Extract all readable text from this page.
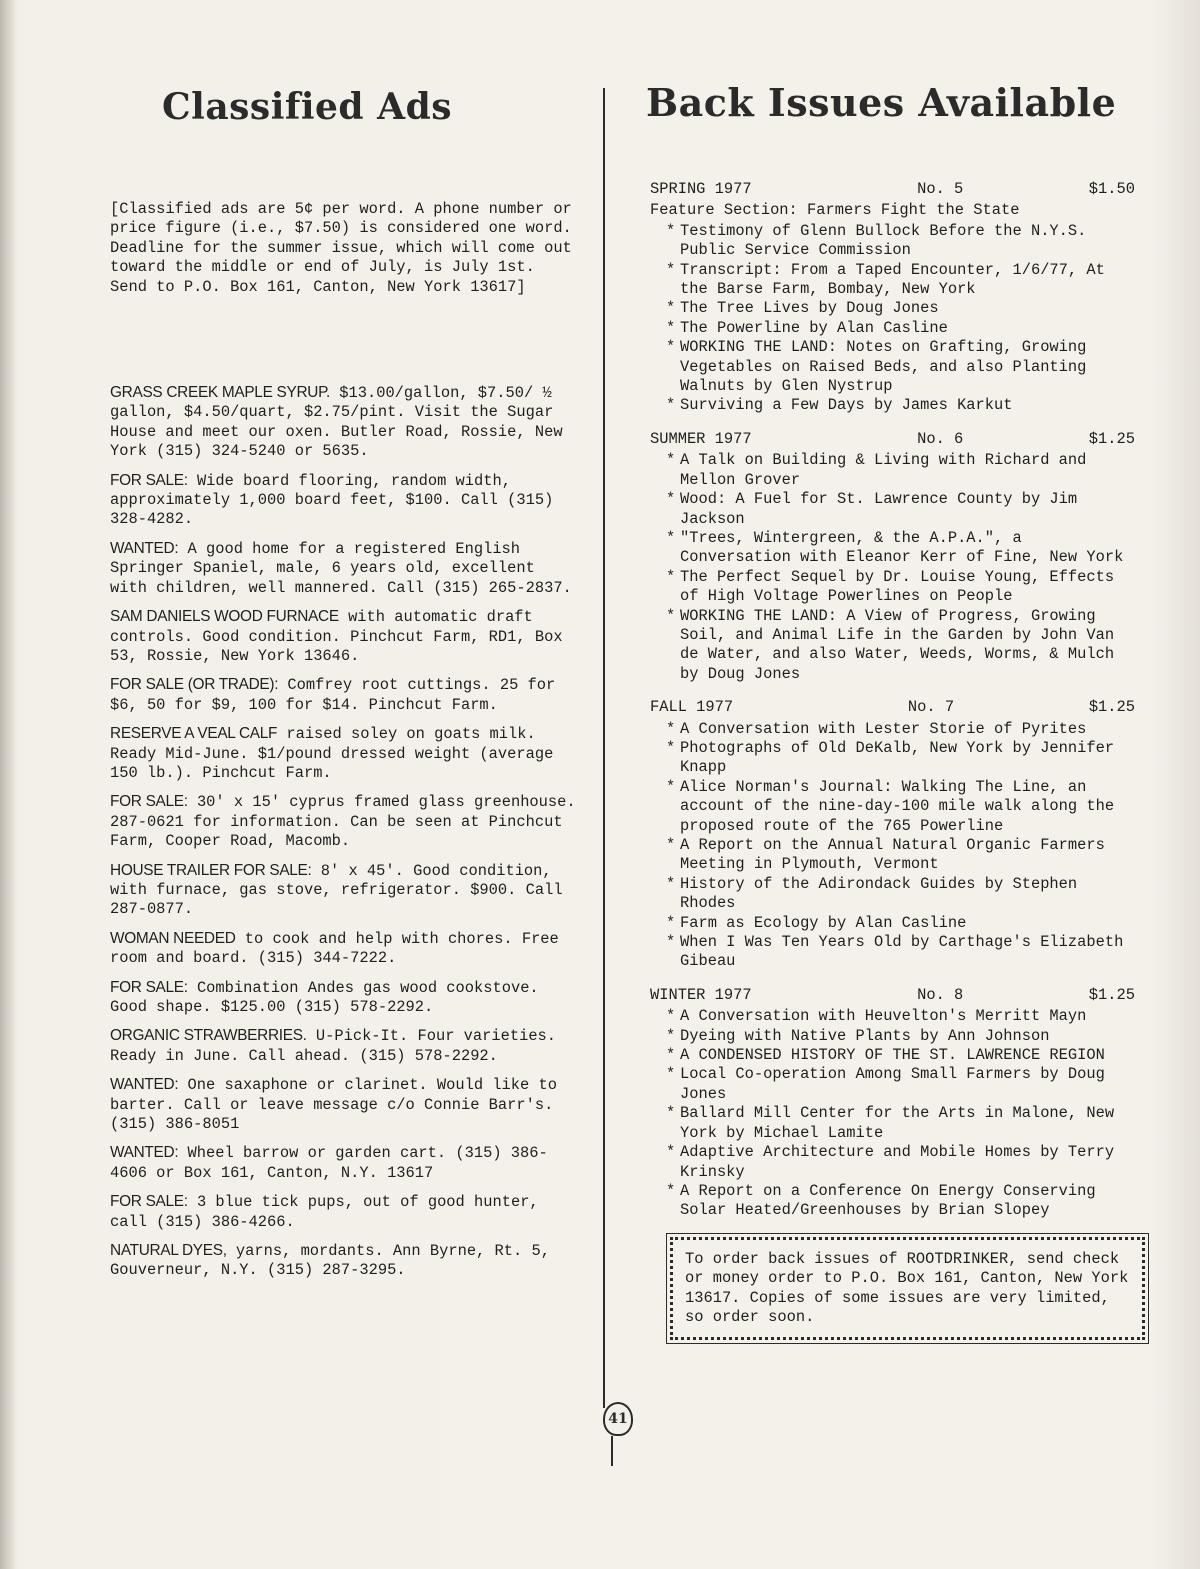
Classified Ads	Back Issues Available
41

[Classified ads are 5¢ per word. A phone number or price figure (i.e., $7.50) is considered one word. Deadline for the summer issue, which will come out toward the middle or end of July, is July 1st. Send to P.O. Box 161, Canton, New York 13617]

GRASS CREEK MAPLE SYRUP. $13.00/gallon, $7.50/ ½ gallon, $4.50/quart, $2.75/pint. Visit the Sugar House and meet our oxen. Butler Road, Rossie, New York (315) 324-5240 or 5635.

FOR SALE: Wide board flooring, random width, approximately 1,000 board feet, $100. Call (315) 328-4282.

WANTED: A good home for a registered English Springer Spaniel, male, 6 years old, excellent with children, well mannered. Call (315) 265-2837.

SAM DANIELS WOOD FURNACE with automatic draft controls. Good condition. Pinchcut Farm, RD1, Box 53, Rossie, New York 13646.

FOR SALE (OR TRADE): Comfrey root cuttings. 25 for $6, 50 for $9, 100 for $14. Pinchcut Farm.

RESERVE A VEAL CALF raised soley on goats milk. Ready Mid-June. $1/pound dressed weight (average 150 lb.). Pinchcut Farm.

FOR SALE: 30' x 15' cyprus framed glass greenhouse. 287-0621 for information. Can be seen at Pinchcut Farm, Cooper Road, Macomb.

HOUSE TRAILER FOR SALE: 8' x 45'. Good condition, with furnace, gas stove, refrigerator. $900. Call 287-0877.

WOMAN NEEDED to cook and help with chores. Free room and board. (315) 344-7222.

FOR SALE: Combination Andes gas wood cookstove. Good shape. $125.00 (315) 578-2292.

ORGANIC STRAWBERRIES. U-Pick-It. Four varieties. Ready in June. Call ahead. (315) 578-2292.

WANTED: One saxaphone or clarinet. Would like to barter. Call or leave message c/o Connie Barr's. (315) 386-8051

WANTED: Wheel barrow or garden cart. (315) 386-4606 or Box 161, Canton, N.Y. 13617

FOR SALE: 3 blue tick pups, out of good hunter, call (315) 386-4266.

NATURAL DYES, yarns, mordants. Ann Byrne, Rt. 5, Gouverneur, N.Y. (315) 287-3295.

SPRING 1977	No. 5	$1.50
Feature Section: Farmers Fight the State
* Testimony of Glenn Bullock Before the N.Y.S. Public Service Commission
* Transcript: From a Taped Encounter, 1/6/77, At the Barse Farm, Bombay, New York
* The Tree Lives by Doug Jones
* The Powerline by Alan Casline
* WORKING THE LAND: Notes on Grafting, Growing Vegetables on Raised Beds, and also Planting Walnuts by Glen Nystrup
* Surviving a Few Days by James Karkut
SUMMER 1977	No. 6	$1.25
* A Talk on Building & Living with Richard and Mellon Grover
* Wood: A Fuel for St. Lawrence County by Jim Jackson
* "Trees, Wintergreen, & the A.P.A.", a Conversation with Eleanor Kerr of Fine, New York
* The Perfect Sequel by Dr. Louise Young, Effects of High Voltage Powerlines on People
* WORKING THE LAND: A View of Progress, Growing Soil, and Animal Life in the Garden by John Van de Water, and also Water, Weeds, Worms, & Mulch by Doug Jones
FALL 1977	No. 7	$1.25
* A Conversation with Lester Storie of Pyrites
* Photographs of Old DeKalb, New York by Jennifer Knapp
* Alice Norman's Journal: Walking The Line, an account of the nine-day-100 mile walk along the proposed route of the 765 Powerline
* A Report on the Annual Natural Organic Farmers Meeting in Plymouth, Vermont
* History of the Adirondack Guides by Stephen Rhodes
* Farm as Ecology by Alan Casline
* When I Was Ten Years Old by Carthage's Elizabeth Gibeau
WINTER 1977	No. 8	$1.25
* A Conversation with Heuvelton's Merritt Mayn
* Dyeing with Native Plants by Ann Johnson
* A CONDENSED HISTORY OF THE ST. LAWRENCE REGION
* Local Co-operation Among Small Farmers by Doug Jones
* Ballard Mill Center for the Arts in Malone, New York by Michael Lamite
* Adaptive Architecture and Mobile Homes by Terry Krinsky
* A Report on a Conference On Energy Conserving Solar Heated/Greenhouses by Brian Slopey
To order back issues of ROOTDRINKER, send check or money order to P.O. Box 161, Canton, New York 13617. Copies of some issues are very limited, so order soon.
